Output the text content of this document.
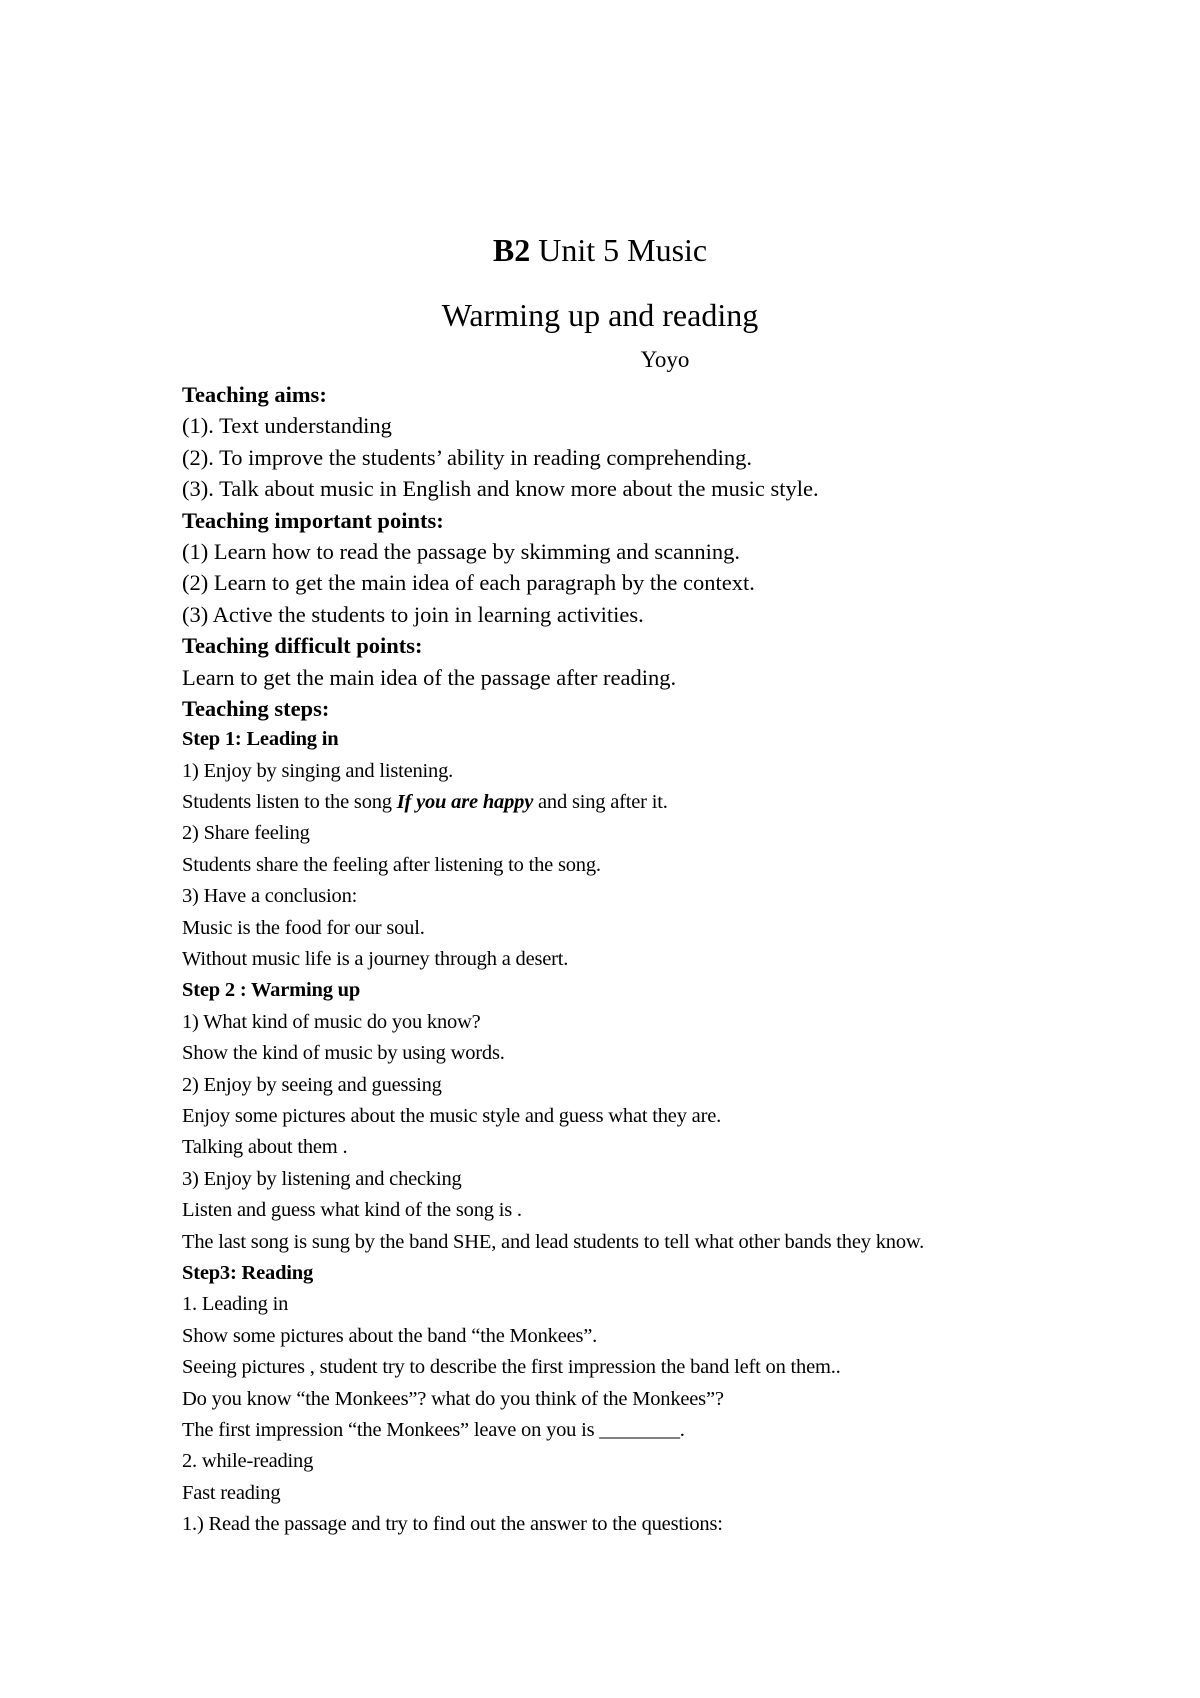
B2 Unit 5 Music
Warming up and reading
Yoyo
Teaching aims:
(1). Text understanding
(2). To improve the students’ ability in reading comprehending.
(3). Talk about music in English and know more about the music style.
Teaching important points:
(1) Learn how to read the passage by skimming and scanning.
(2) Learn to get the main idea of each paragraph by the context.
(3) Active the students to join in learning activities.
Teaching difficult points:
Learn to get the main idea of the passage after reading.
Teaching steps:
Step 1: Leading in
1) Enjoy by singing and listening.
Students listen to the song If you are happy and sing after it.
2) Share feeling
Students share the feeling after listening to the song.
3) Have a conclusion:
Music is the food for our soul.
Without music life is a journey through a desert.
Step 2 : Warming up
1) What kind of music do you know?
Show the kind of music by using words.
2) Enjoy by seeing and guessing
Enjoy some pictures about the music style and guess what they are.
Talking about them .
3) Enjoy by listening and checking
Listen and guess what kind of the song is .
The last song is sung by the band SHE, and lead students to tell what other bands they know.
Step3: Reading
1. Leading in
Show some pictures about the band “the Monkees”.
Seeing pictures , student try to describe the first impression the band left on them..
Do you know “the Monkees”? what do you think of the Monkees”?
The first impression “the Monkees” leave on you is ________.
2. while-reading
Fast reading
1.) Read the passage and try to find out the answer to the questions:
